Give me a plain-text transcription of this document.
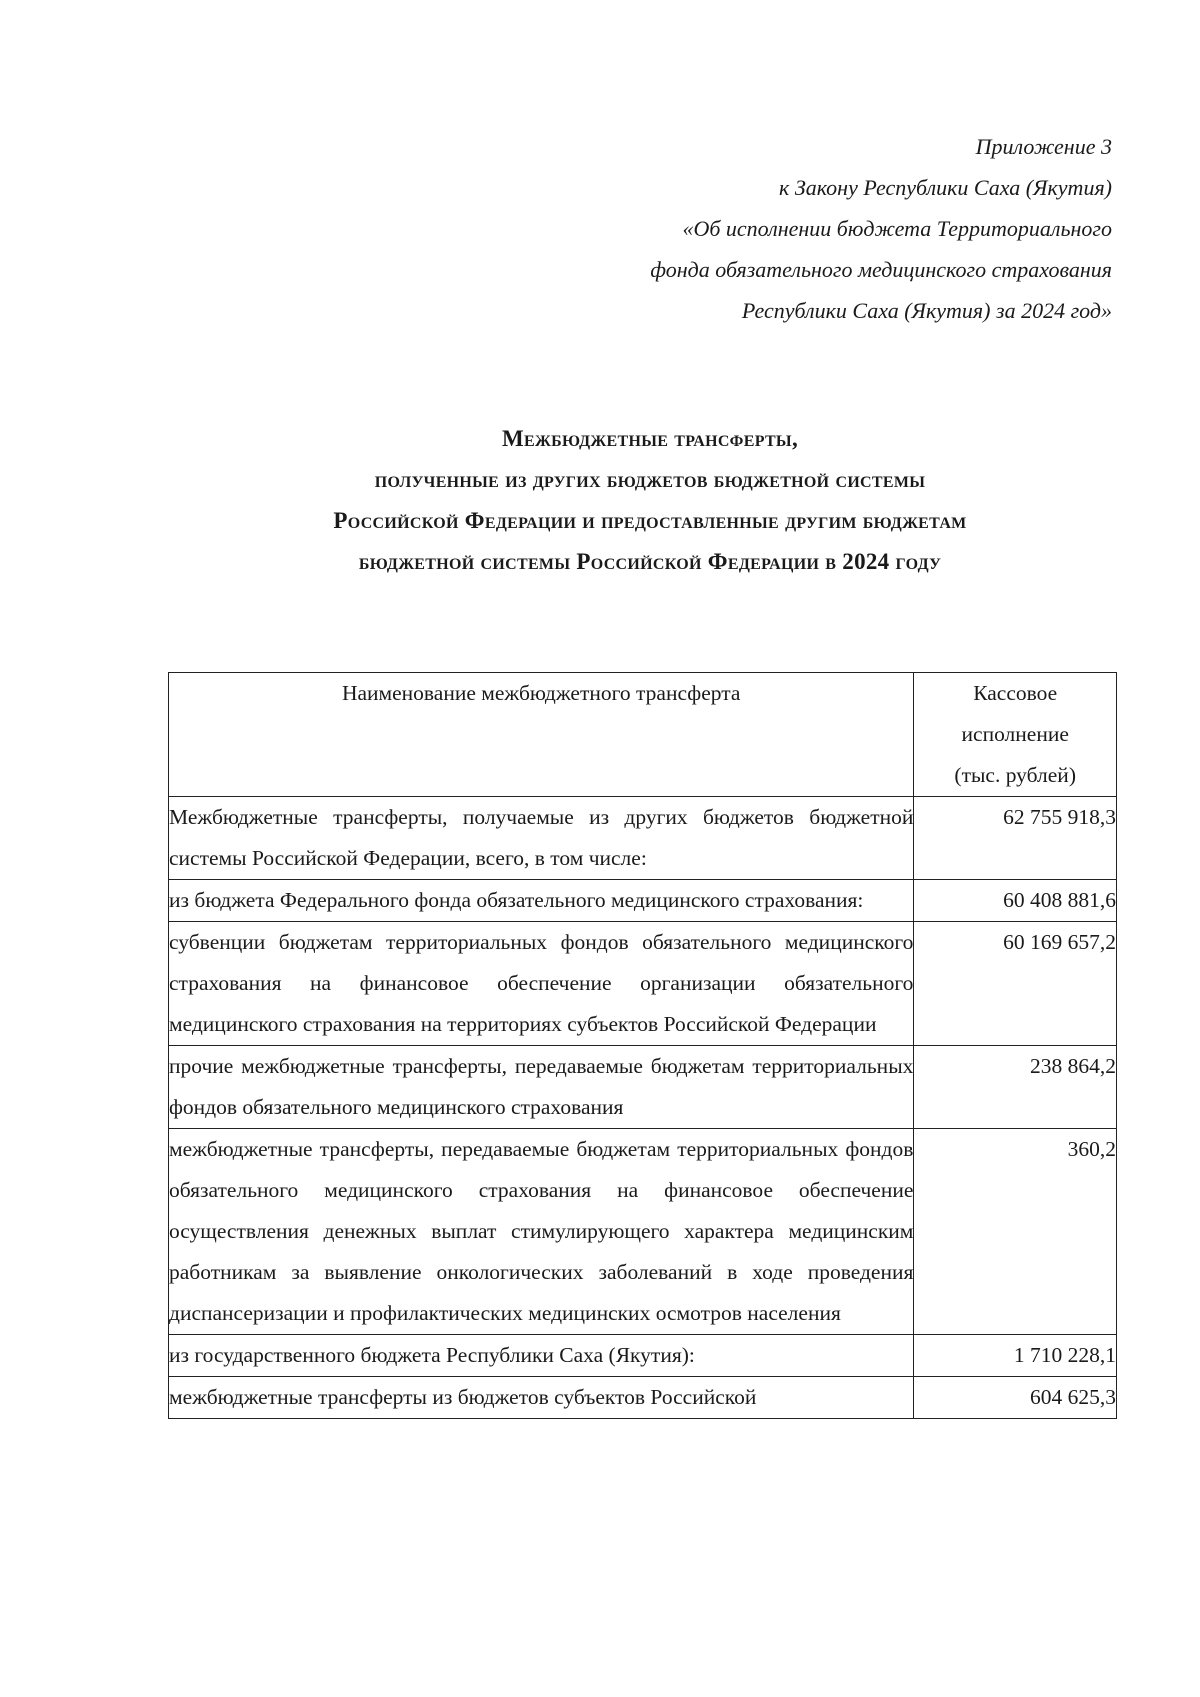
Приложение 3
к Закону Республики Саха (Якутия)
«Об исполнении бюджета Территориального
фонда обязательного медицинского страхования
Республики Саха (Якутия) за 2024 год»
Межбюджетные трансферты,
полученные из других бюджетов бюджетной системы
Российской Федерации и предоставленные другим бюджетам
бюджетной системы Российской Федерации в 2024 году
Наименование межбюджетного трансферта	Кассовое
исполнение
(тыс. рублей)

Межбюджетные трансферты, получаемые из других бюджетов бюджетной системы Российской Федерации, всего, в том числе:	62 755 918,3
из бюджета Федерального фонда обязательного медицинского страхования:	60 408 881,6
субвенции бюджетам территориальных фондов обязательного медицинского страхования на финансовое обеспечение организации обязательного медицинского страхования на территориях субъектов Российской Федерации	60 169 657,2
прочие межбюджетные трансферты, передаваемые бюджетам территориальных фондов обязательного медицинского страхования	238 864,2
межбюджетные трансферты, передаваемые бюджетам территориальных фондов обязательного медицинского страхования на финансовое обеспечение осуществления денежных выплат стимулирующего характера медицинским работникам за выявление онкологических заболеваний в ходе проведения диспансеризации и профилактических медицинских осмотров населения	360,2
из государственного бюджета Республики Саха (Якутия):	1 710 228,1
межбюджетные трансферты из бюджетов субъектов Российской	604 625,3
